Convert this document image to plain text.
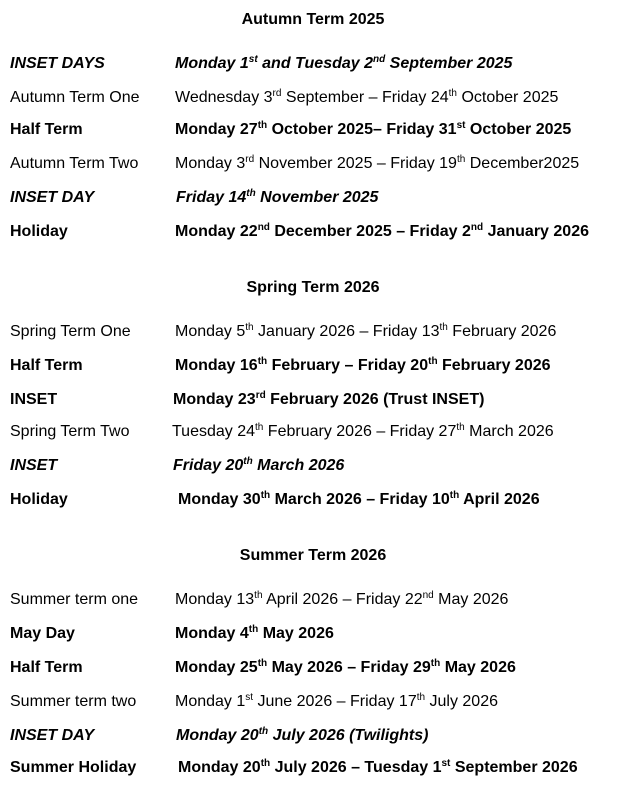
Autumn Term 2025
INSET DAYS	Monday 1st and Tuesday 2nd September 2025
Autumn Term One Wednesday 3rd September – Friday 24th October 2025
Half Term	Monday 27th October 2025– Friday 31st October 2025
Autumn Term Two Monday 3rd November 2025 – Friday 19th December2025
INSET DAY	Friday 14th November 2025
Holiday	Monday 22nd December 2025 – Friday 2nd January 2026
Spring Term 2026
Spring Term One	Monday 5th January 2026 – Friday 13th February 2026
Half Term	Monday 16th February – Friday 20th February 2026
INSET	Monday 23rd February 2026 (Trust INSET)
Spring Term Two	Tuesday 24th February 2026 – Friday 27th March 2026
INSET	Friday 20th March 2026
Holiday	Monday 30th March 2026 – Friday 10th April 2026
Summer Term 2026
Summer term one Monday 13th April 2026 – Friday 22nd May 2026
May Day	Monday 4th May 2026
Half Term	Monday 25th May 2026 – Friday 29th May 2026
Summer term two Monday 1st June 2026 – Friday 17th July 2026
INSET DAY	Monday 20th July 2026 (Twilights)
Summer Holiday	Monday 20th July 2026 – Tuesday 1st September 2026
